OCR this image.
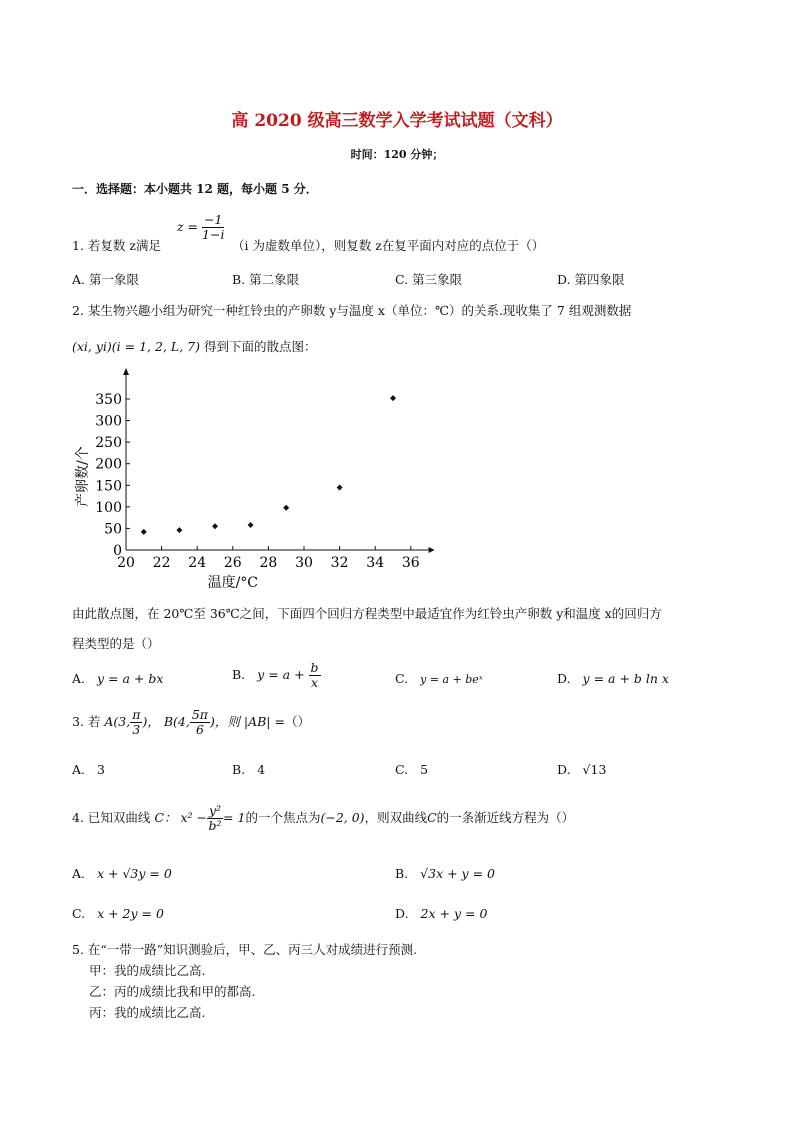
高 2020 级高三数学入学考试试题（文科）
时间：120 分钟；
一．选择题：本小题共 12 题，每小题 5 分．
$z = \frac{-1}{1-i}$
1. 若复数 z满足	（i 为虚数单位），则复数 z在复平面内对应的点位于（）
A. 第一象限	B. 第二象限	C. 第三象限	D. 第四象限
2. 某生物兴趣小组为研究一种红铃虫的产卵数 y与温度 x（单位：℃）的关系.现收集了 7 组观测数据
(xi, yi)(i = 1, 2, L, 7) 得到下面的散点图：
20 22 24 26 28 30 32 34 36
0
50
100
150
200
250
300
350
温度/°C
产卵数/个
由此散点图，在 20℃至 36℃之间，下面四个回归方程类型中最适宜作为红铃虫产卵数 y和温度 x的回归方
程类型的是（）
A. y = a + bx	B. $y = a + \frac{b}{x}$	C. y = a + beˣ	D. y = a + b ln x
3. 若 A(3, $\frac{\pi}{3}$ )， B(4, $\frac{5\pi}{6}$ )，则 |AB| =（）
A. 3	B. 4	C. 5	D. √13
4. 已知双曲线 C： $x^2 - \frac{\text{y²}}{\text{b²}} = 1$的一个焦点为(−2, 0)，则双曲线C的一条渐近线方程为（）
A. x + √3y = 0	B. √3x + y = 0
C. x + 2y = 0	D. 2x + y = 0
5. 在“一带一路”知识测验后，甲、乙、丙三人对成绩进行预测.
甲：我的成绩比乙高.
乙：丙的成绩比我和甲的都高.
丙：我的成绩比乙高.
